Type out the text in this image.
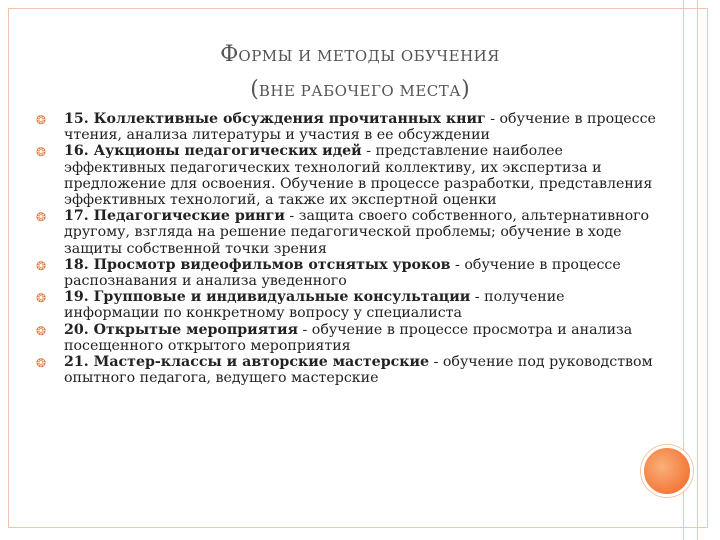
ФОРМЫ И МЕТОДЫ ОБУЧЕНИЯ
(ВНЕ РАБОЧЕГО МЕСТА)
❂ 15. Коллективные обсуждения прочитанных книг - обучение в процессе чтения, анализа литературы и участия в ее обсуждении
❂ 16. Аукционы педагогических идей - представление наиболее эффективных педагогических технологий коллективу, их экспертиза и предложение для освоения. Обучение в процессе разработки, представления эффективных технологий, а также их экспертной оценки
❂ 17. Педагогические ринги - защита своего собственного, альтернативного другому, взгляда на решение педагогической проблемы; обучение в ходе защиты собственной точки зрения
❂ 18. Просмотр видеофильмов отснятых уроков - обучение в процессе распознавания и анализа уведенного
❂ 19. Групповые и индивидуальные консультации - получение информации по конкретному вопросу у специалиста
❂ 20. Открытые мероприятия - обучение в процессе просмотра и анализа посещенного открытого мероприятия
❂ 21. Мастер-классы и авторские мастерские - обучение под руководством опытного педагога, ведущего мастерские
